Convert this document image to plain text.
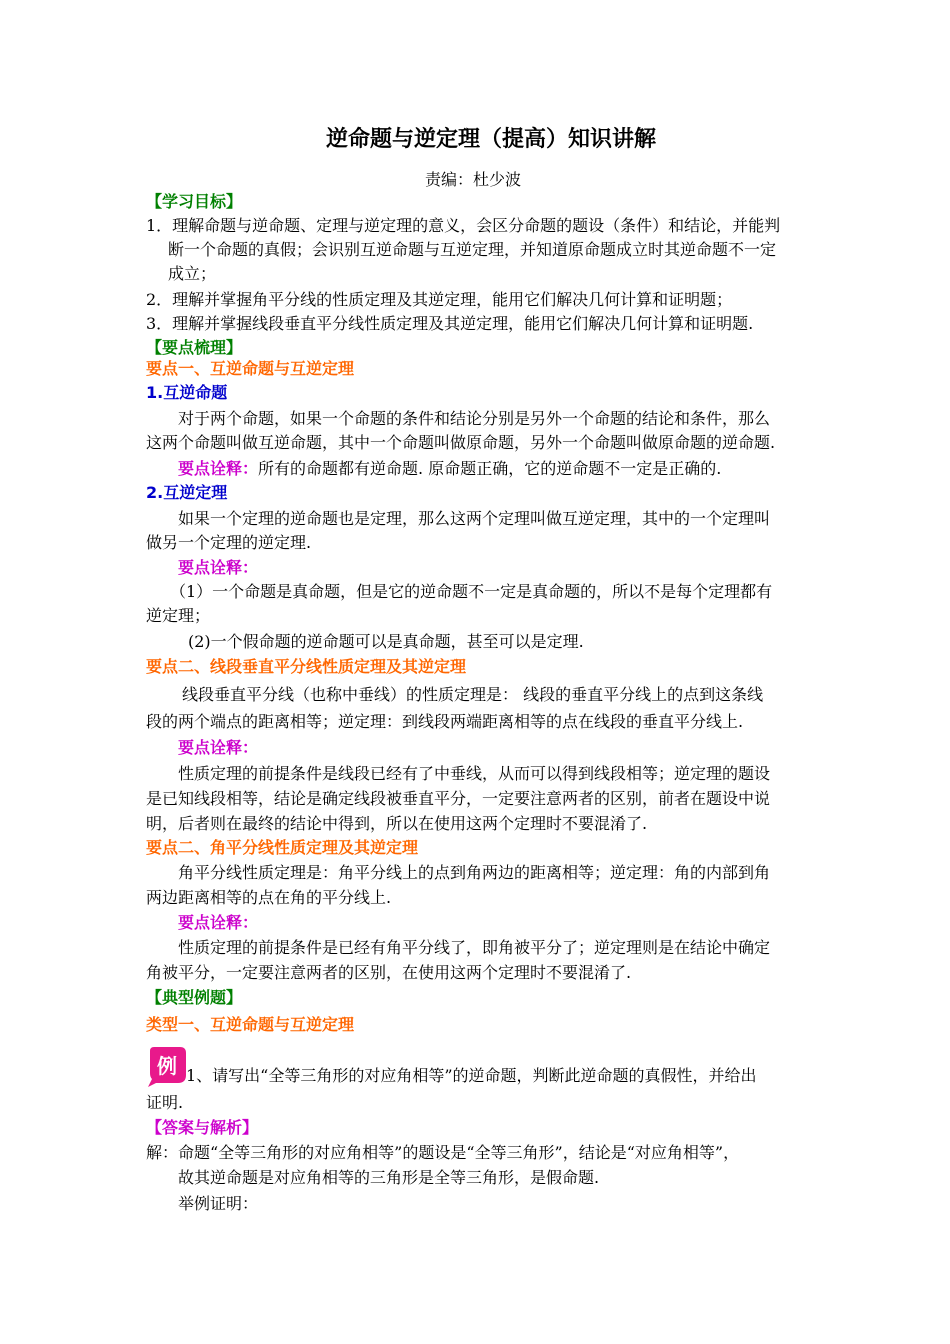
逆命题与逆定理（提高）知识讲解
责编：杜少波
【学习目标】
1．理解命题与逆命题、定理与逆定理的意义，会区分命题的题设（条件）和结论，并能判
断一个命题的真假；会识别互逆命题与互逆定理，并知道原命题成立时其逆命题不一定
成立；
2．理解并掌握角平分线的性质定理及其逆定理，能用它们解决几何计算和证明题；
3．理解并掌握线段垂直平分线性质定理及其逆定理，能用它们解决几何计算和证明题.
【要点梳理】
要点一、互逆命题与互逆定理
1.互逆命题
对于两个命题，如果一个命题的条件和结论分别是另外一个命题的结论和条件，那么
这两个命题叫做互逆命题，其中一个命题叫做原命题，另外一个命题叫做原命题的逆命题.
要点诠释：所有的命题都有逆命题. 原命题正确，它的逆命题不一定是正确的.
2.互逆定理
如果一个定理的逆命题也是定理，那么这两个定理叫做互逆定理，其中的一个定理叫
做另一个定理的逆定理.
要点诠释：
（1）一个命题是真命题，但是它的逆命题不一定是真命题的，所以不是每个定理都有
逆定理；
(2)一个假命题的逆命题可以是真命题，甚至可以是定理.
要点二、线段垂直平分线性质定理及其逆定理
线段垂直平分线（也称中垂线）的性质定理是： 线段的垂直平分线上的点到这条线
段的两个端点的距离相等；逆定理：到线段两端距离相等的点在线段的垂直平分线上.
要点诠释：
性质定理的前提条件是线段已经有了中垂线，从而可以得到线段相等；逆定理的题设
是已知线段相等，结论是确定线段被垂直平分，一定要注意两者的区别，前者在题设中说
明，后者则在最终的结论中得到，所以在使用这两个定理时不要混淆了.
要点二、角平分线性质定理及其逆定理
角平分线性质定理是：角平分线上的点到角两边的距离相等；逆定理：角的内部到角
两边距离相等的点在角的平分线上.
要点诠释：
性质定理的前提条件是已经有角平分线了，即角被平分了；逆定理则是在结论中确定
角被平分，一定要注意两者的区别，在使用这两个定理时不要混淆了.
【典型例题】
类型一、互逆命题与互逆定理
例 1、请写出“全等三角形的对应角相等”的逆命题，判断此逆命题的真假性，并给出
证明.
【答案与解析】
解：命题“全等三角形的对应角相等”的题设是“全等三角形”，结论是“对应角相等”，
故其逆命题是对应角相等的三角形是全等三角形，是假命题.
举例证明：
